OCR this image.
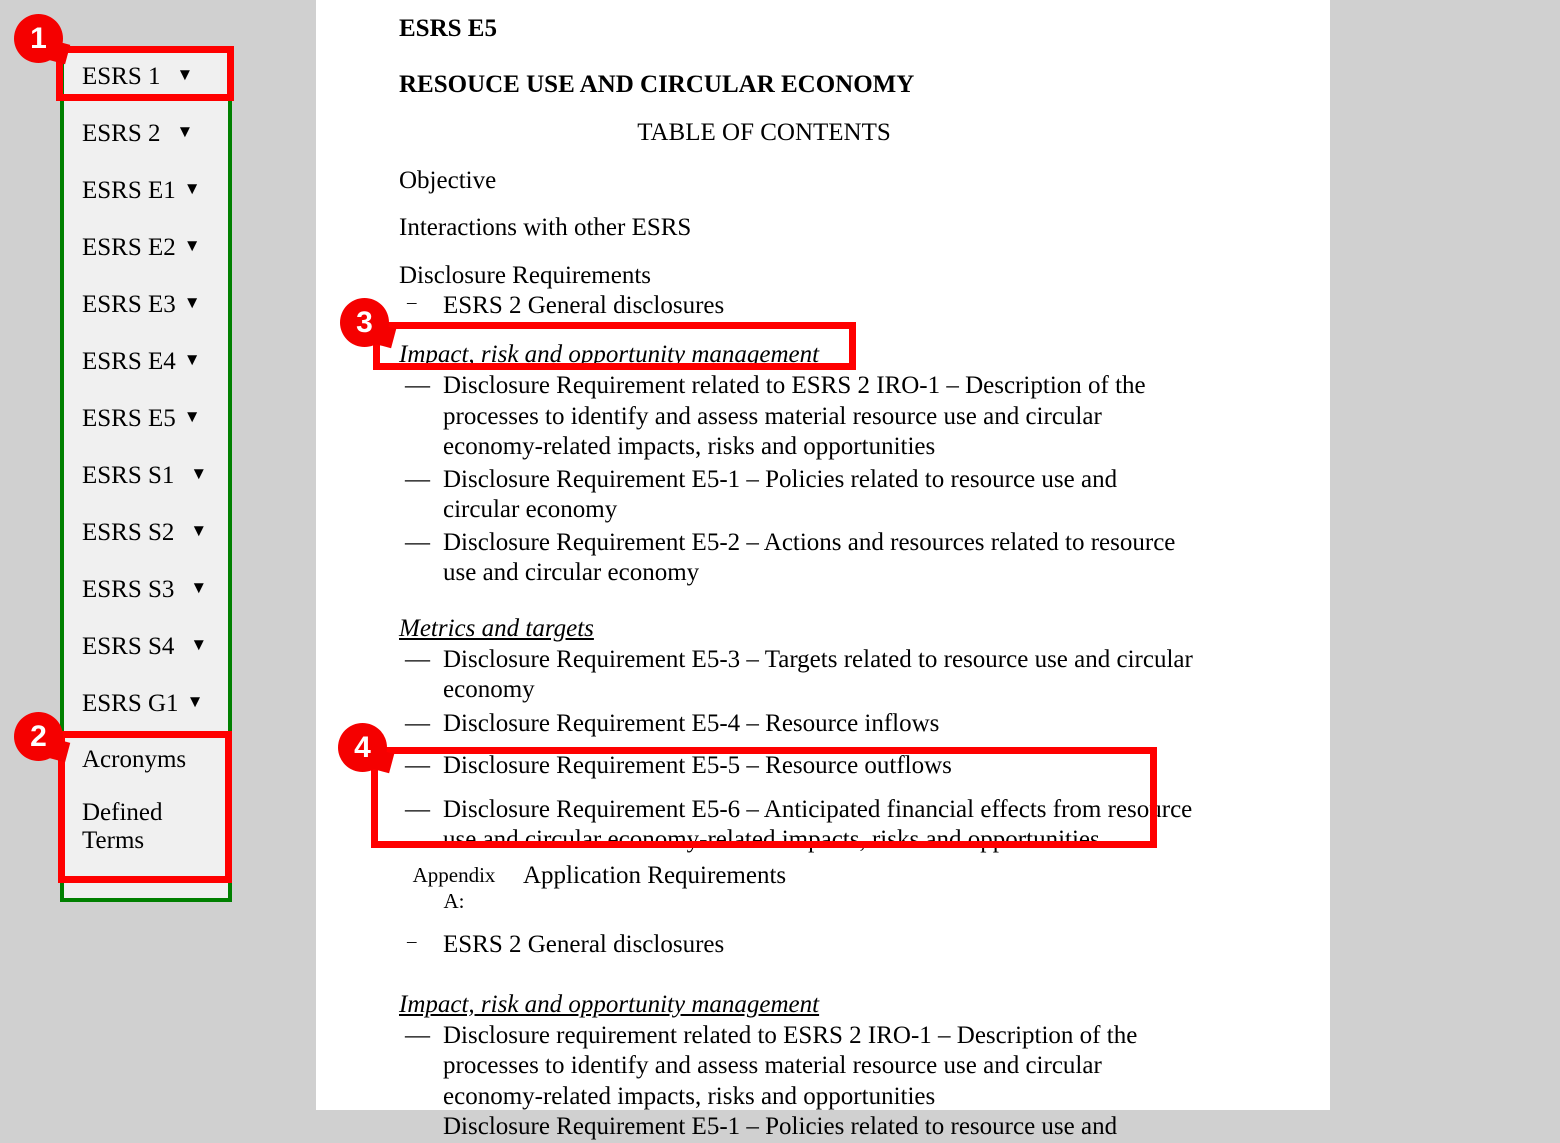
ESRS E5

RESOUCE USE AND CIRCULAR ECONOMY

TABLE OF CONTENTS

Objective

Interactions with other ESRS

Disclosure Requirements

–	ESRS 2 General disclosures
Impact, risk and opportunity management
— Disclosure Requirement related to ESRS 2 IRO-1 – Description of the processes to identify and assess material resource use and circular economy-related impacts, risks and opportunities
— Disclosure Requirement E5-1 – Policies related to resource use and circular economy
— Disclosure Requirement E5-2 – Actions and resources related to resource use and circular economy
Metrics and targets
— Disclosure Requirement E5-3 – Targets related to resource use and circular economy
— Disclosure Requirement E5-4 – Resource inflows
— Disclosure Requirement E5-5 – Resource outflows
— Disclosure Requirement E5-6 – Anticipated financial effects from resource use and circular economy-related impacts, risks and opportunities
Appendix
A:
Application Requirements
–	ESRS 2 General disclosures
Impact, risk and opportunity management
— Disclosure requirement related to ESRS 2 IRO-1 – Description of the processes to identify and assess material resource use and circular economy-related impacts, risks and opportunities
Disclosure Requirement E5-1 – Policies related to resource use and
ESRS 1 ▼
ESRS 2 ▼
ESRS E1 ▼
ESRS E2 ▼
ESRS E3 ▼
ESRS E4 ▼
ESRS E5 ▼
ESRS S1 ▼
ESRS S2 ▼
ESRS S3 ▼
ESRS S4 ▼
ESRS G1 ▼
Acronyms
Defined
Terms
1
2
3
4
